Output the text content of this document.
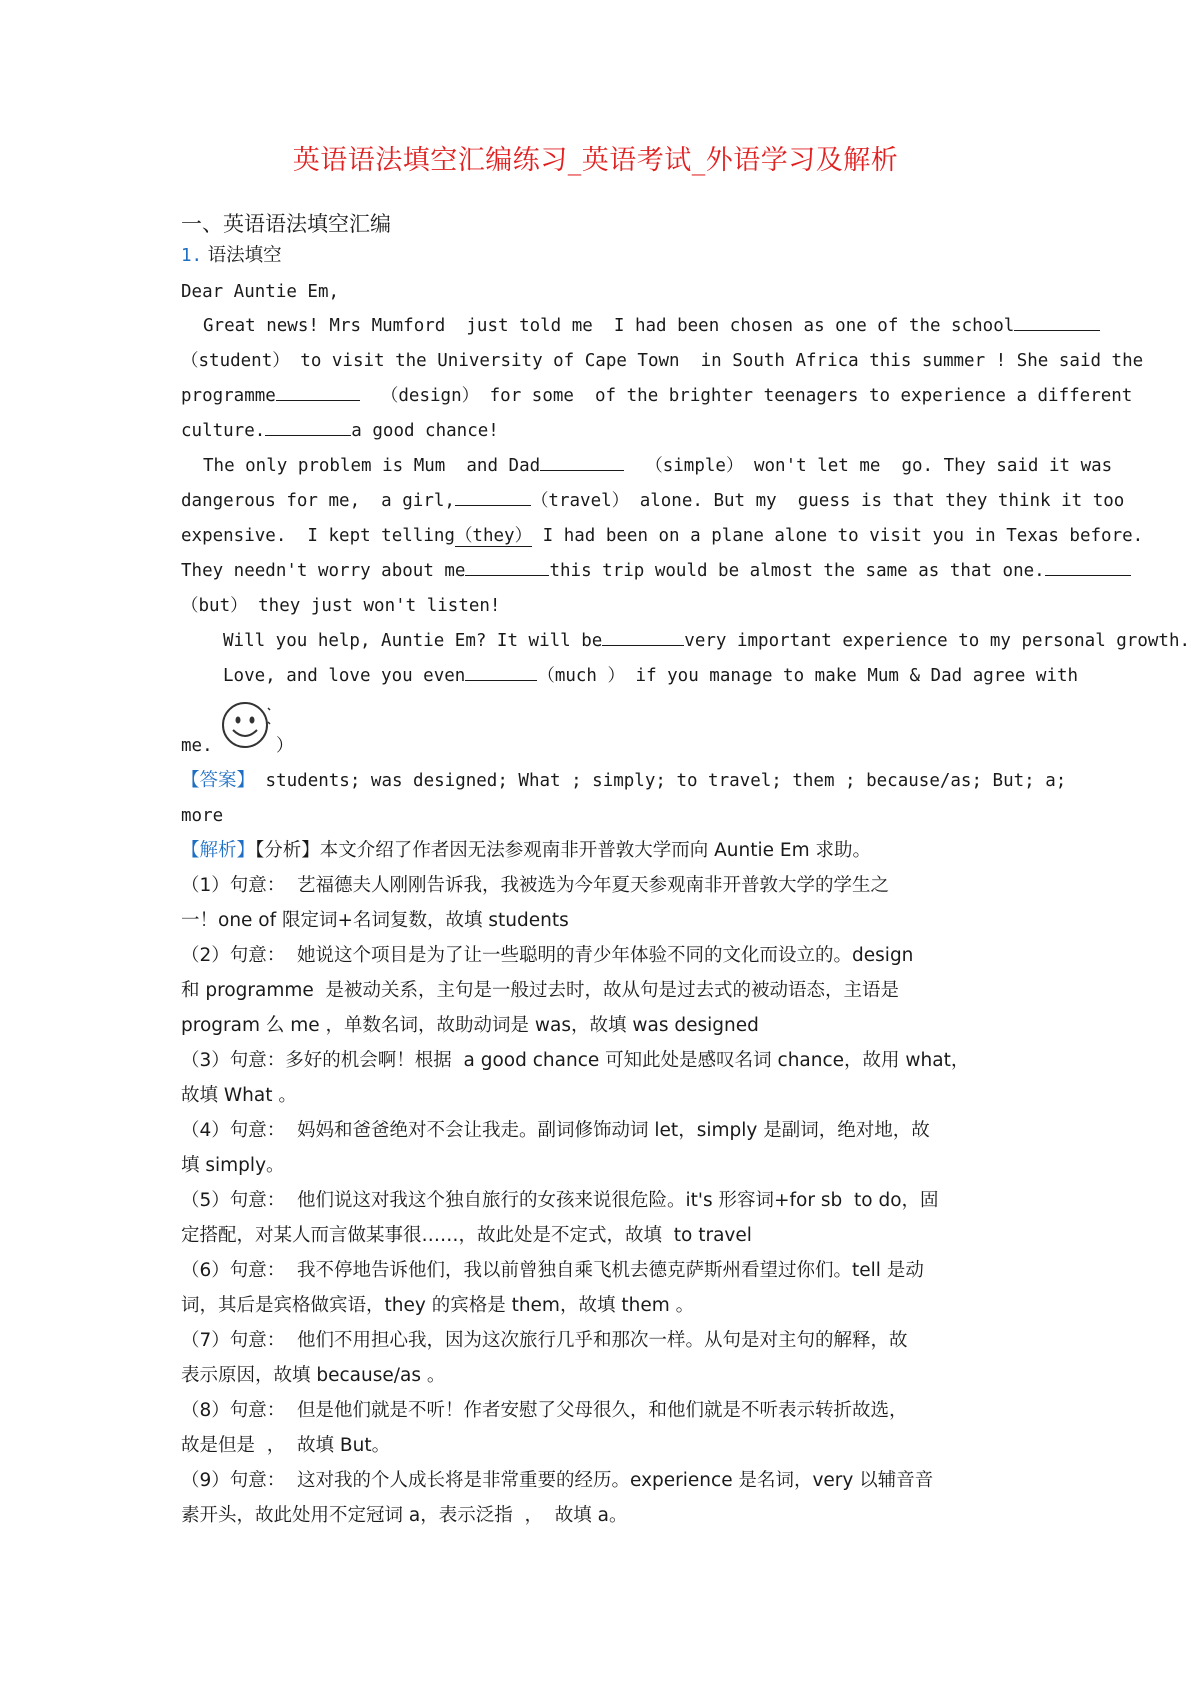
英语语法填空汇编练习_英语考试_外语学习及解析
一、英语语法填空汇编
1. 语法填空
Dear Auntie Em,
Great news! Mrs Mumford  just told me  I had been chosen as one of the school
（student） to visit the University of Cape Town  in South Africa this summer ! She said the
programme	（design） for some  of the brighter teenagers to experience a different
culture.	a good chance!
The only problem is Mum  and Dad	（simple） won't let me  go. They said it was
dangerous for me,  a girl,	（travel） alone. But my  guess is that they think it too
expensive.  I kept telling（they） I had been on a plane alone to visit you in Texas before.
They needn't worry about me	this trip would be almost the same as that one.
（but） they just won't listen!
Will you help, Auntie Em? It will be	very important experience to my personal growth.
Love, and love you even	（much ） if you manage to make Mum & Dad agree with
me.	）
【答案】 students; was designed; What ; simply; to travel; them ; because/as; But; a;
more
【解析】【分析】本文介绍了作者因无法参观南非开普敦大学而向 Auntie Em 求助。
（1）句意：  艺福德夫人刚刚告诉我，我被选为今年夏天参观南非开普敦大学的学生之
一！one of 限定词+名词复数，故填 students
（2）句意：  她说这个项目是为了让一些聪明的青少年体验不同的文化而设立的。design
和 programme  是被动关系，主句是一般过去时，故从句是过去式的被动语态，主语是
program 么 me ，单数名词，故助动词是 was，故填 was designed
（3）句意：多好的机会啊！根据  a good chance 可知此处是感叹名词 chance，故用 what，
故填 What 。
（4）句意：  妈妈和爸爸绝对不会让我走。副词修饰动词 let，simply 是副词，绝对地，故
填 simply。
（5）句意：  他们说这对我这个独自旅行的女孩来说很危险。it's 形容词+for sb  to do，固
定搭配，对某人而言做某事很……，故此处是不定式，故填  to travel
（6）句意：  我不停地告诉他们，我以前曾独自乘飞机去德克萨斯州看望过你们。tell 是动
词，其后是宾格做宾语，they 的宾格是 them，故填 them 。
（7）句意：  他们不用担心我，因为这次旅行几乎和那次一样。从句是对主句的解释，故
表示原因，故填 because/as 。
（8）句意：  但是他们就是不听！作者安慰了父母很久，和他们就是不听表示转折故选，
故是但是  ，  故填 But。
（9）句意：  这对我的个人成长将是非常重要的经历。experience 是名词，very 以辅音音
素开头，故此处用不定冠词 a，表示泛指  ，  故填 a。
